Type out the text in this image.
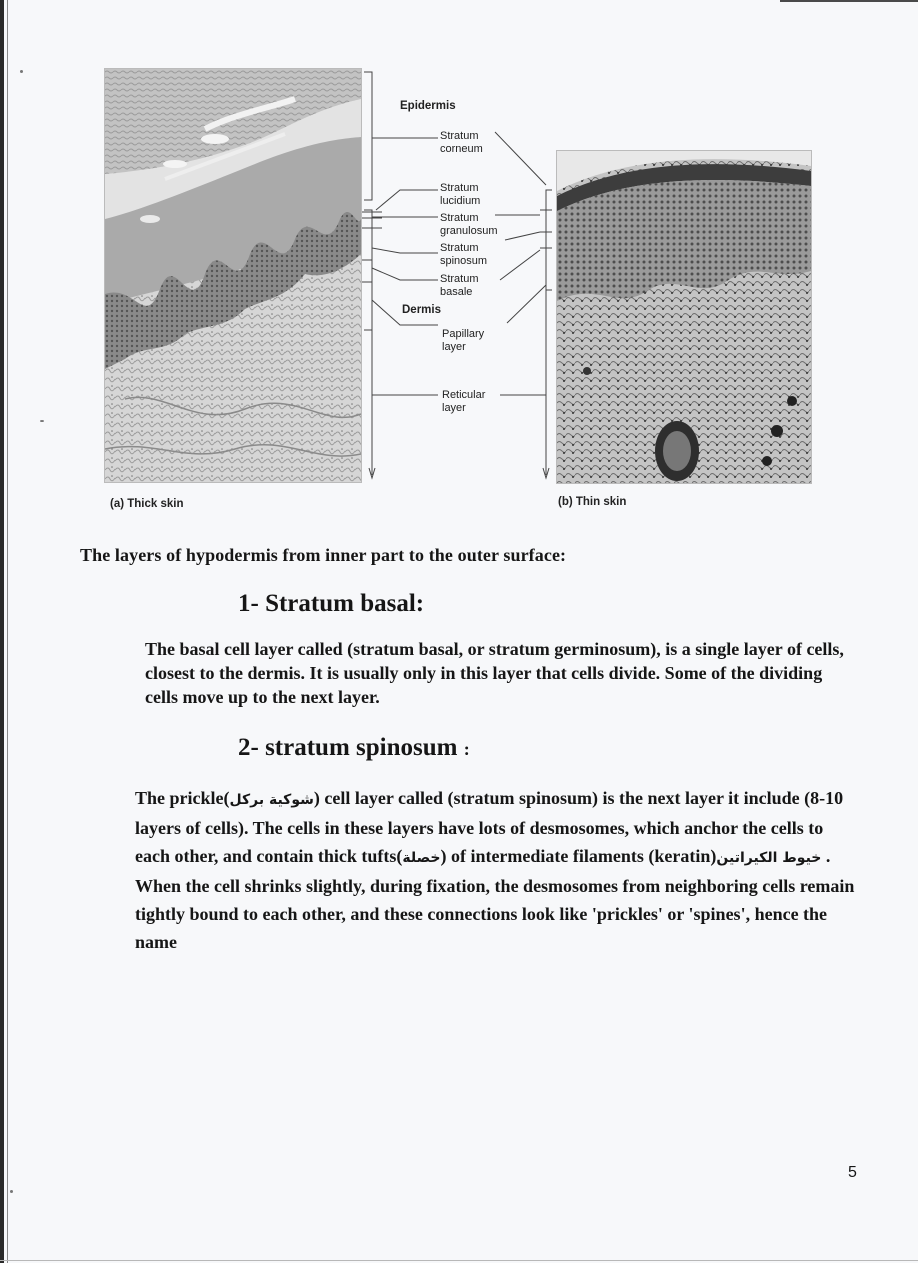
Epidermis
Stratum
corneum
Stratum
lucidium
Stratum
granulosum
Stratum
spinosum
Stratum
basale
Dermis
Papillary
layer
Reticular
layer
(a) Thick skin	(b) Thin skin
The layers of hypodermis from inner part to the outer surface:
1- Stratum basal:
The basal cell layer called (stratum basal, or stratum germinosum), is a single layer of cells, closest to the dermis. It is usually only in this layer that cells divide. Some of the dividing cells move up to the next layer.
2- stratum spinosum :
The prickle(شوكية بركل) cell layer called (stratum spinosum) is the next layer it include (8-10 layers of cells). The cells in these layers have lots of desmosomes, which anchor the cells to each other, and contain thick tufts(خصلة) of intermediate filaments (keratin)خيوط الكيراتين . When the cell shrinks slightly, during fixation, the desmosomes from neighboring cells remain tightly bound to each other, and these connections look like 'prickles' or 'spines', hence the name
5
